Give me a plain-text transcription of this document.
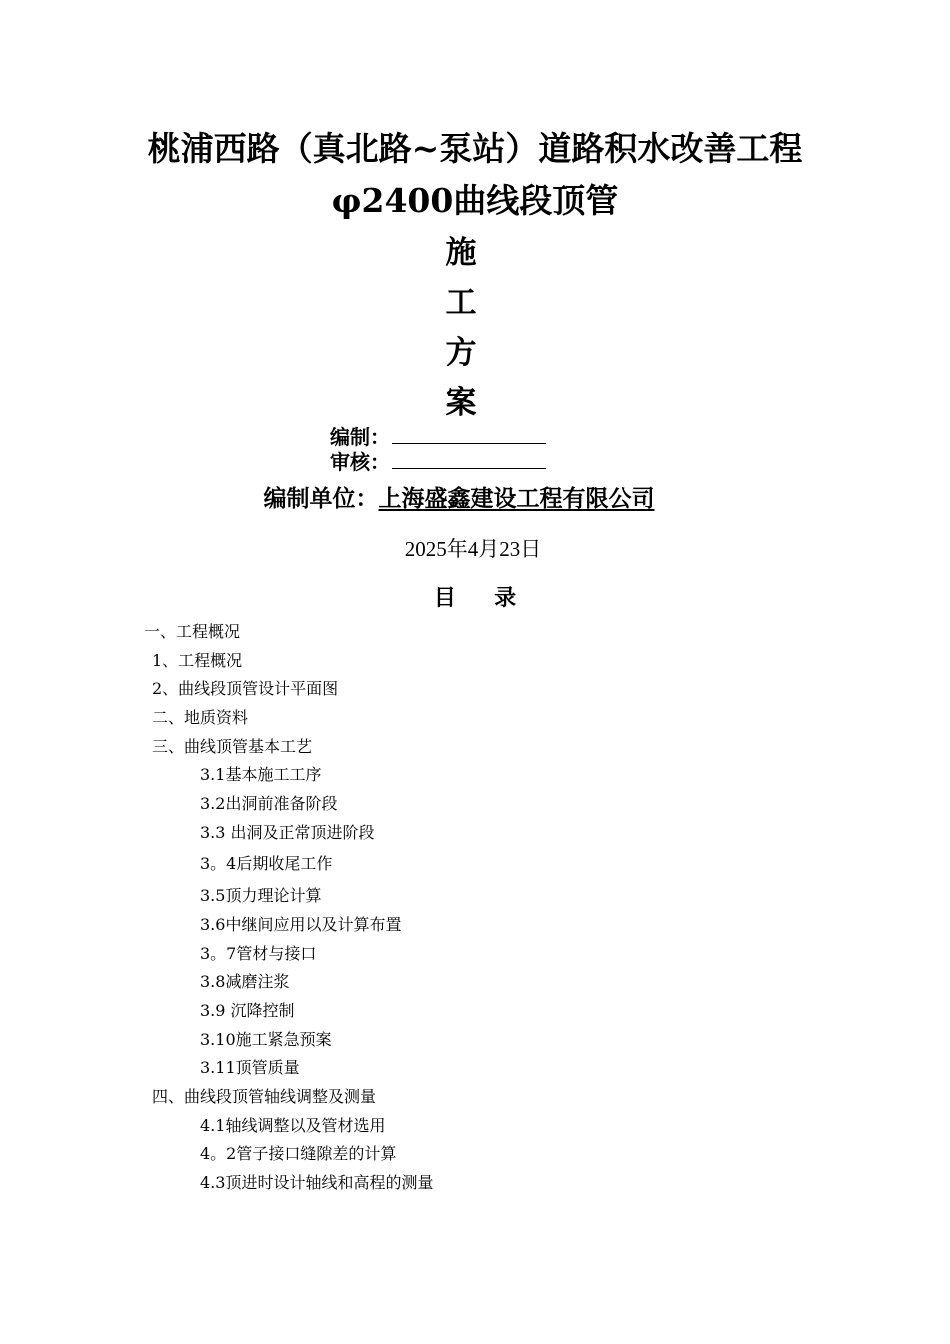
桃浦西路（真北路~泵站）道路积水改善工程
φ2400曲线段顶管
施
工
方
案
编制：
审核：
编制单位：上海盛鑫建设工程有限公司
2025年4月23日
目     录
一、工程概况
1、工程概况
2、曲线段顶管设计平面图
二、地质资料
三、曲线顶管基本工艺
3.1基本施工工序
3.2出洞前准备阶段
3.3 出洞及正常顶进阶段
3。4后期收尾工作
3.5顶力理论计算
3.6中继间应用以及计算布置
3。7管材与接口
3.8减磨注浆
3.9 沉降控制
3.10施工紧急预案
3.11顶管质量
四、曲线段顶管轴线调整及测量
4.1轴线调整以及管材选用
4。2管子接口缝隙差的计算
4.3顶进时设计轴线和高程的测量
